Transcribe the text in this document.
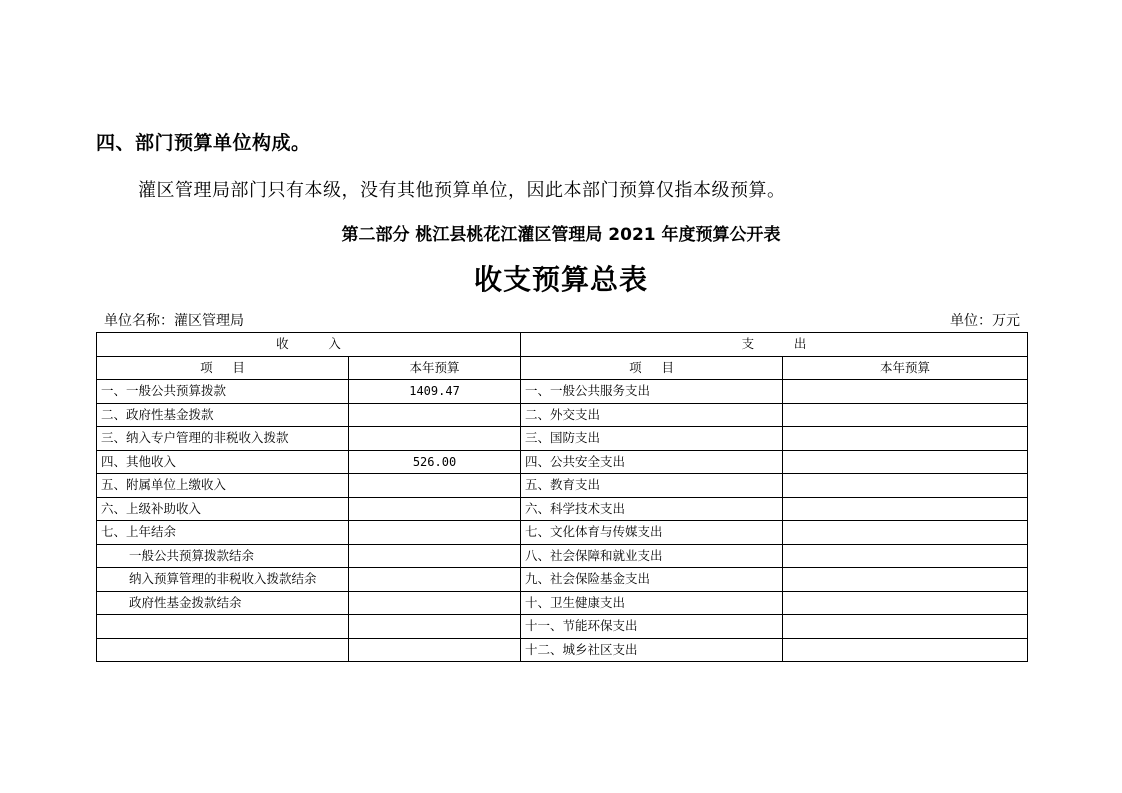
四、部门预算单位构成。
灌区管理局部门只有本级，没有其他预算单位，因此本部门预算仅指本级预算。
第二部分 桃江县桃花江灌区管理局 2021 年度预算公开表
收支预算总表
单位名称：灌区管理局	单位：万元
收          入		支          出	
项     目	本年预算	项     目	本年预算
一、一般公共预算拨款	1409.47	一、一般公共服务支出	
二、政府性基金拨款		二、外交支出	
三、纳入专户管理的非税收入拨款		三、国防支出	
四、其他收入	526.00	四、公共安全支出	
五、附属单位上缴收入		五、教育支出	
六、上级补助收入		六、科学技术支出	
七、上年结余		七、文化体育与传媒支出	
一般公共预算拨款结余		八、社会保障和就业支出	
纳入预算管理的非税收入拨款结余		九、社会保险基金支出	
政府性基金拨款结余		十、卫生健康支出	
		十一、节能环保支出	
		十二、城乡社区支出	
